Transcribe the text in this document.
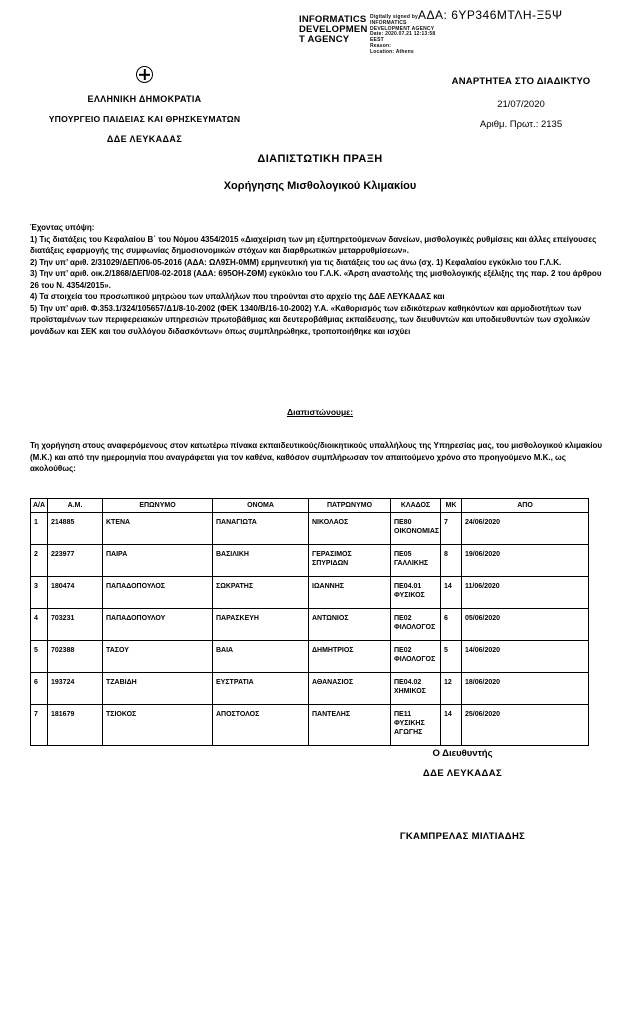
ΑΔΑ: 6ΥΡ346ΜΤΛΗ-Ξ5Ψ
INFORMATICS
DEVELOPMEN
T AGENCY
Digitally signed by
INFORMATICS
DEVELOPMENT AGENCY
Date: 2020.07.21 12:13:58
EEST
Reason:
Location: Athens
ΕΛΛΗΝΙΚΗ ΔΗΜΟΚΡΑΤΙΑ
ΥΠΟΥΡΓΕΙΟ ΠΑΙΔΕΙΑΣ ΚΑΙ ΘΡΗΣΚΕΥΜΑΤΩΝ
ΔΔΕ ΛΕΥΚΑΔΑΣ
ΑΝΑΡΤΗΤΕΑ ΣΤΟ ΔΙΑΔΙΚΤΥΟ
21/07/2020
Αριθμ. Πρωτ.: 2135
ΔΙΑΠΙΣΤΩΤΙΚΗ ΠΡΑΞΗ
Χορήγησης Μισθολογικού Κλιμακίου
Έχοντας υπόψη:
1) Τις διατάξεις του Κεφαλαίου Β΄ του Νόμου 4354/2015 «Διαχείριση των μη εξυπηρετούμενων δανείων, μισθολογικές ρυθμίσεις και άλλες επείγουσες διατάξεις εφαρμογής της συμφωνίας δημοσιονομικών στόχων και διαρθρωτικών μεταρρυθμίσεων».
2) Την υπ’ αριθ. 2/31029/ΔΕΠ/06-05-2016 (ΑΔΑ: ΩΛ9ΣΗ-0ΜΜ) ερμηνευτική για τις διατάξεις του ως άνω (σχ. 1) Κεφαλαίου εγκύκλιο του Γ.Λ.Κ.
3) Την υπ’ αριθ. οικ.2/1868/ΔΕΠ/08-02-2018 (ΑΔΑ: 695ΟΗ-ΖΘΜ) εγκύκλιο του Γ.Λ.Κ. «Άρση αναστολής της μισθολογικής εξέλιξης της παρ. 2 του άρθρου 26 του Ν. 4354/2015».
4) Τα στοιχεία του προσωπικού μητρώου των υπαλλήλων που τηρούνται στο αρχείο της ΔΔΕ ΛΕΥΚΑΔΑΣ και
5) Την υπ’ αριθ. Φ.353.1/324/105657/Δ1/8-10-2002 (ΦΕΚ 1340/Β/16-10-2002) Υ.Α. «Καθορισμός των ειδικότερων καθηκόντων και αρμοδιοτήτων των προϊσταμένων των περιφερειακών υπηρεσιών πρωτοβάθμιας και δευτεροβάθμιας εκπαίδευσης, των διευθυντών και υποδιευθυντών των σχολικών μονάδων και ΣΕΚ και του συλλόγου διδασκόντων» όπως συμπληρώθηκε, τροποποιήθηκε και ισχύει
Διαπιστώνουμε:
Τη χορήγηση στους αναφερόμενους στον κατωτέρω πίνακα εκπαιδευτικούς/διοικητικούς υπαλλήλους της Υπηρεσίας μας, του μισθολογικού κλιμακίου (Μ.Κ.) και από την ημερομηνία που αναγράφεται για τον καθένα, καθόσον συμπλήρωσαν τον απαιτούμενο χρόνο στο προηγούμενο Μ.Κ., ως ακολούθως:
Α/Α	Α.Μ.	ΕΠΩΝΥΜΟ	ΟΝΟΜΑ	ΠΑΤΡΩΝΥΜΟ	ΚΛΑΔΟΣ	ΜΚ	ΑΠΟ
1	214885	ΚΤΕΝΑ	ΠΑΝΑΓΙΩΤΑ	ΝΙΚΟΛΑΟΣ	ΠΕ80 ΟΙΚΟΝΟΜΙΑΣ	7	24/06/2020
2	223977	ΠΑΙΡΑ	ΒΑΣΙΛΙΚΗ	ΓΕΡΑΣΙΜΟΣ ΣΠΥΡΙΔΩΝ	ΠΕ05 ΓΑΛΛΙΚΗΣ	8	19/06/2020
3	180474	ΠΑΠΑΔΟΠΟΥΛΟΣ	ΣΩΚΡΑΤΗΣ	ΙΩΑΝΝΗΣ	ΠΕ04.01 ΦΥΣΙΚΟΣ	14	11/06/2020
4	703231	ΠΑΠΑΔΟΠΟΥΛΟΥ	ΠΑΡΑΣΚΕΥΗ	ΑΝΤΩΝΙΟΣ	ΠΕ02 ΦΙΛΟΛΟΓΟΣ	6	05/06/2020
5	702388	ΤΑΣΟΥ	ΒΑΙΑ	ΔΗΜΗΤΡΙΟΣ	ΠΕ02 ΦΙΛΟΛΟΓΟΣ	5	14/06/2020
6	193724	ΤΖΑΒΙΔΗ	ΕΥΣΤΡΑΤΙΑ	ΑΘΑΝΑΣΙΟΣ	ΠΕ04.02 ΧΗΜΙΚΟΣ	12	18/06/2020
7	181679	ΤΣΙΟΚΟΣ	ΑΠΟΣΤΟΛΟΣ	ΠΑΝΤΕΛΗΣ	ΠΕ11 ΦΥΣΙΚΗΣ ΑΓΩΓΗΣ	14	25/06/2020
Ο Διευθυντής
ΔΔΕ ΛΕΥΚΑΔΑΣ
ΓΚΑΜΠΡΕΛΑΣ ΜΙΛΤΙΑΔΗΣ
